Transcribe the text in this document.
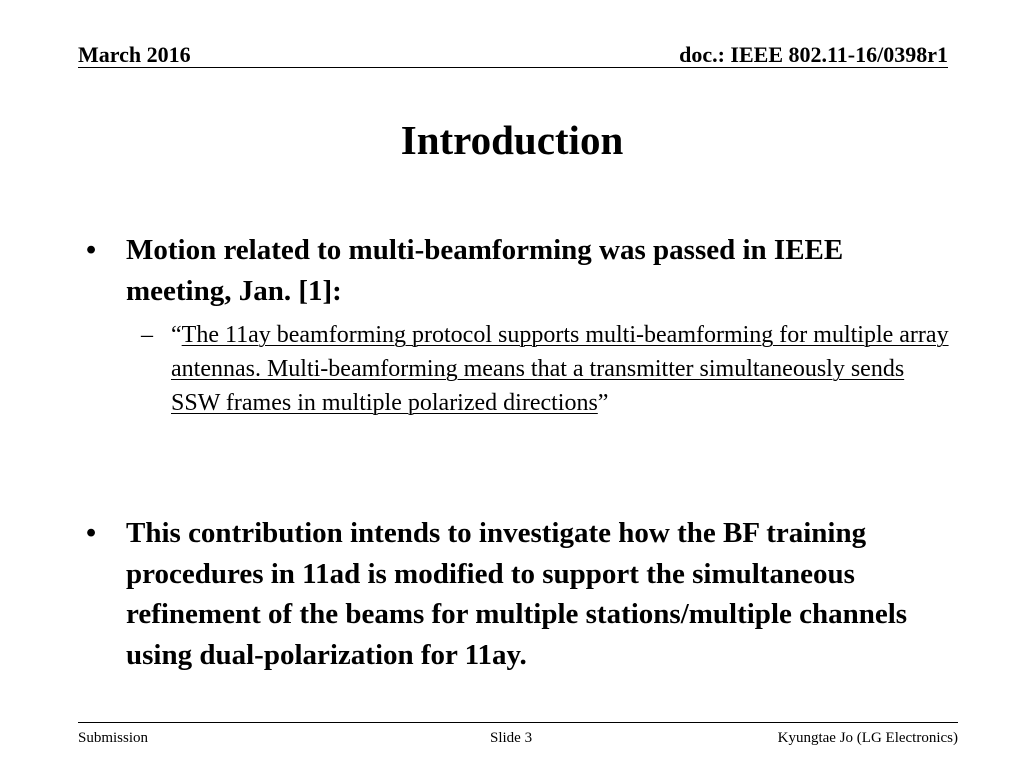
March 2016	doc.: IEEE 802.11-16/0398r1
Introduction
• Motion related to multi-beamforming was passed in IEEE meeting, Jan. [1]:
– “The 11ay beamforming protocol supports multi-beamforming for multiple array antennas. Multi-beamforming means that a transmitter simultaneously sends SSW frames in multiple polarized directions”
• This contribution intends to investigate how the BF training procedures in 11ad is modified to support the simultaneous refinement of the beams for multiple stations/multiple channels using dual-polarization for 11ay.
Submission	Slide 3	Kyungtae Jo (LG Electronics)
